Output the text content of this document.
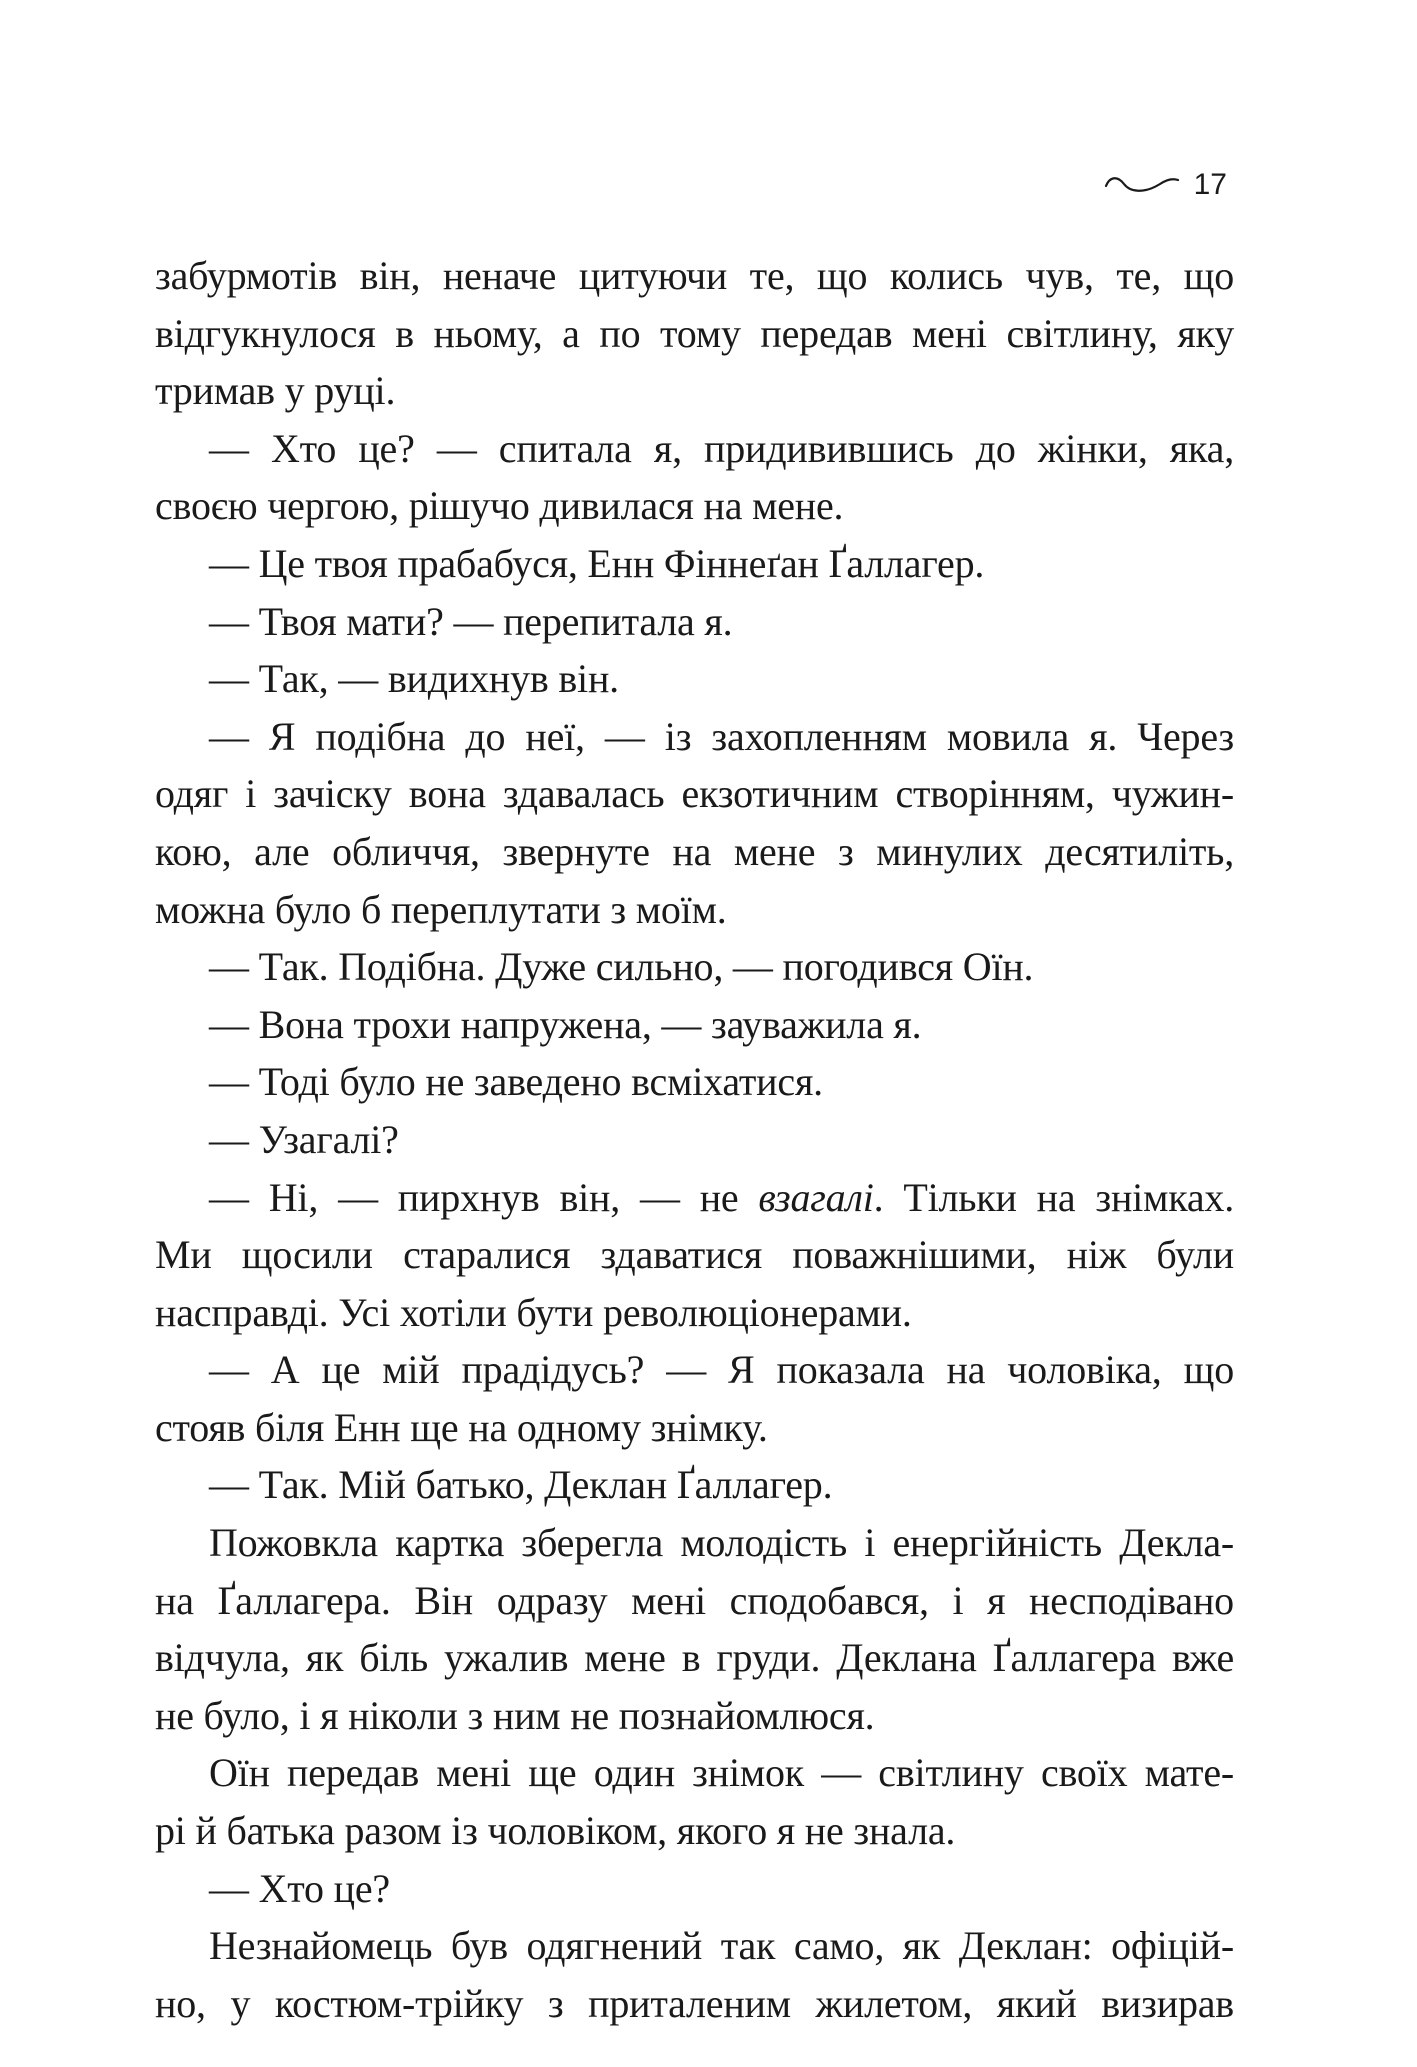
17
забурмотів він, неначе цитуючи те, що колись чув, те, що
відгукнулося в ньому, а по тому передав мені світлину, яку
тримав у руці.
— Хто це? — спитала я, придивившись до жінки, яка,
своєю чергою, рішучо дивилася на мене.
— Це твоя прабабуся, Енн Фіннеґан Ґаллагер.
— Твоя мати? — перепитала я.
— Так, — видихнув він.
— Я подібна до неї, — із захопленням мовила я. Через
одяг і зачіску вона здавалась екзотичним створінням, чужин-
кою, але обличчя, звернуте на мене з минулих десятиліть,
можна було б переплутати з моїм.
— Так. Подібна. Дуже сильно, — погодився Оїн.
— Вона трохи напружена, — зауважила я.
— Тоді було не заведено всміхатися.
— Узагалі?
— Ні, — пирхнув він, — не взагалі. Тільки на знімках.
Ми щосили старалися здаватися поважнішими, ніж були
насправді. Усі хотіли бути революціонерами.
— А це мій прадідусь? — Я показала на чоловіка, що
стояв біля Енн ще на одному знімку.
— Так. Мій батько, Деклан Ґаллагер.
Пожовкла картка зберегла молодість і енергійність Декла-
на Ґаллагера. Він одразу мені сподобався, і я несподівано
відчула, як біль ужалив мене в груди. Деклана Ґаллагера вже
не було, і я ніколи з ним не познайомлюся.
Оїн передав мені ще один знімок — світлину своїх мате-
рі й батька разом із чоловіком, якого я не знала.
— Хто це?
Незнайомець був одягнений так само, як Деклан: офіцій-
но, у костюм-трійку з приталеним жилетом, який визирав
